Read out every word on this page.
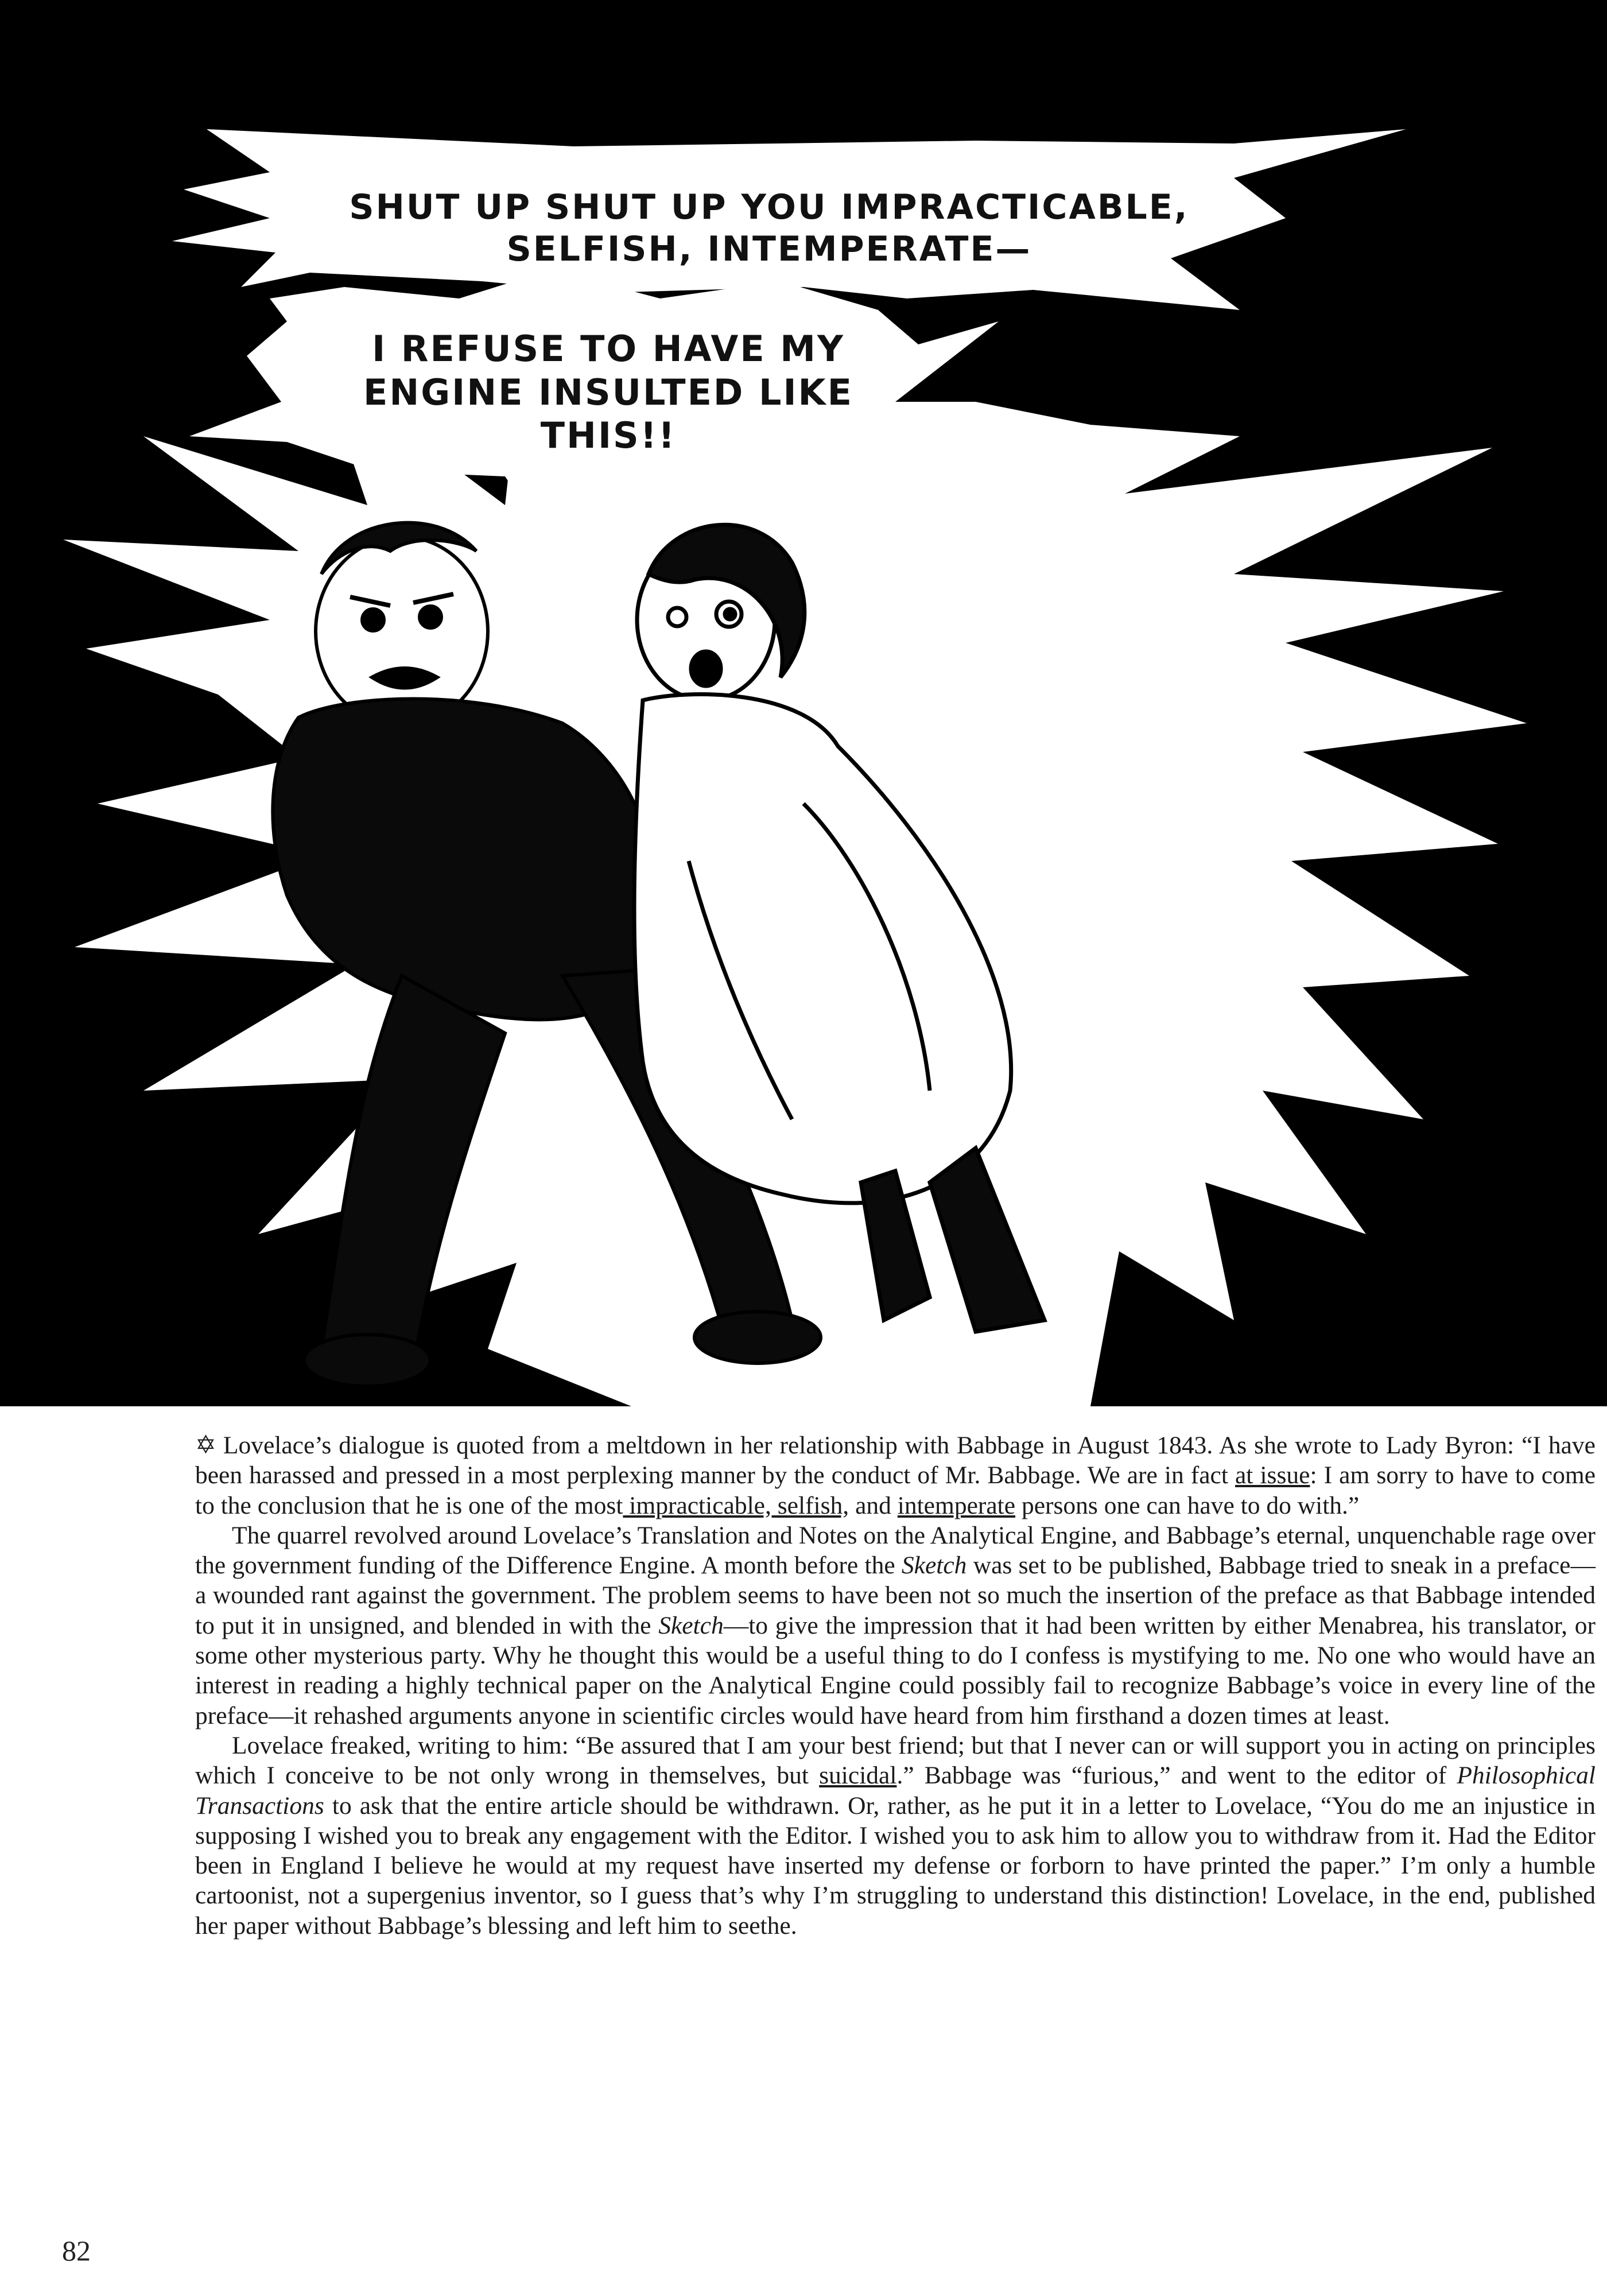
SHUT UP SHUT UP YOU IMPRACTICABLE, SELFISH, INTEMPERATE—
I REFUSE TO HAVE MY ENGINE INSULTED LIKE THIS!!

✡ Lovelace’s dialogue is quoted from a meltdown in her relationship with Babbage in August 1843. As she wrote to Lady Byron: “I have been harassed and pressed in a most perplexing manner by the conduct of Mr. Babbage. We are in fact at issue: I am sorry to have to come to the conclusion that he is one of the most impracticable, selfish, and intemperate persons one can have to do with.”

The quarrel revolved around Lovelace’s Translation and Notes on the Analytical Engine, and Babbage’s eternal, unquenchable rage over the government funding of the Difference Engine. A month before the Sketch was set to be published, Babbage tried to sneak in a preface—a wounded rant against the government. The problem seems to have been not so much the insertion of the preface as that Babbage intended to put it in unsigned, and blended in with the Sketch—to give the impression that it had been written by either Menabrea, his translator, or some other mysterious party. Why he thought this would be a useful thing to do I confess is mystifying to me. No one who would have an interest in reading a highly technical paper on the Analytical Engine could possibly fail to recognize Babbage’s voice in every line of the preface—it rehashed arguments anyone in scientific circles would have heard from him firsthand a dozen times at least.

Lovelace freaked, writing to him: “Be assured that I am your best friend; but that I never can or will support you in acting on principles which I conceive to be not only wrong in themselves, but suicidal.” Babbage was “furious,” and went to the editor of Philosophical Transactions to ask that the entire article should be withdrawn. Or, rather, as he put it in a letter to Lovelace, “You do me an injustice in supposing I wished you to break any engagement with the Editor. I wished you to ask him to allow you to withdraw from it. Had the Editor been in England I believe he would at my request have inserted my defense or forborn to have printed the paper.” I’m only a humble cartoonist, not a supergenius inventor, so I guess that’s why I’m struggling to understand this distinction! Lovelace, in the end, published her paper without Babbage’s blessing and left him to seethe.

82
